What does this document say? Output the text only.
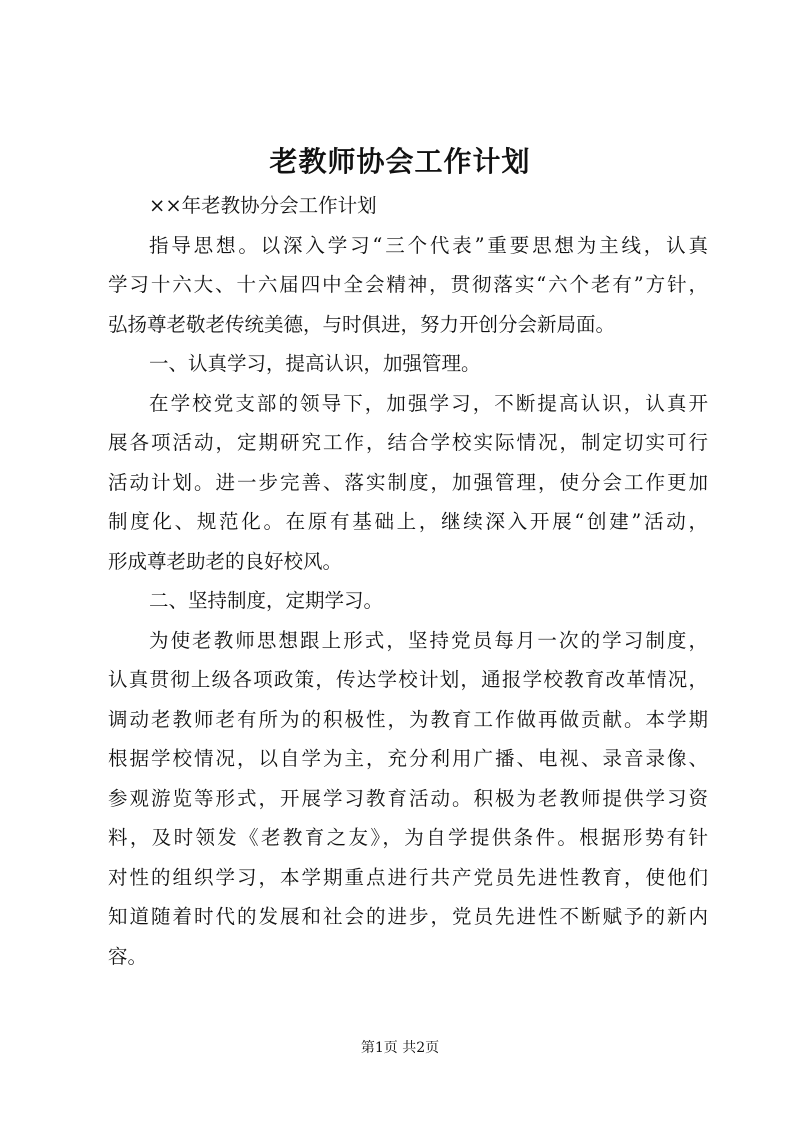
老教师协会工作计划
××年老教协分会工作计划
指导思想。以深入学习“三个代表”重要思想为主线，认真
学习十六大、十六届四中全会精神，贯彻落实“六个老有”方针，
弘扬尊老敬老传统美德，与时俱进，努力开创分会新局面。
一、认真学习，提高认识，加强管理。
在学校党支部的领导下，加强学习，不断提高认识，认真开
展各项活动，定期研究工作，结合学校实际情况，制定切实可行
活动计划。进一步完善、落实制度，加强管理，使分会工作更加
制度化、规范化。在原有基础上，继续深入开展“创建”活动，
形成尊老助老的良好校风。
二、坚持制度，定期学习。
为使老教师思想跟上形式，坚持党员每月一次的学习制度，
认真贯彻上级各项政策，传达学校计划，通报学校教育改革情况，
调动老教师老有所为的积极性，为教育工作做再做贡献。本学期
根据学校情况，以自学为主，充分利用广播、电视、录音录像、
参观游览等形式，开展学习教育活动。积极为老教师提供学习资
料，及时领发《老教育之友》，为自学提供条件。根据形势有针
对性的组织学习，本学期重点进行共产党员先进性教育，使他们
知道随着时代的发展和社会的进步，党员先进性不断赋予的新内
容。
第1页 共2页
